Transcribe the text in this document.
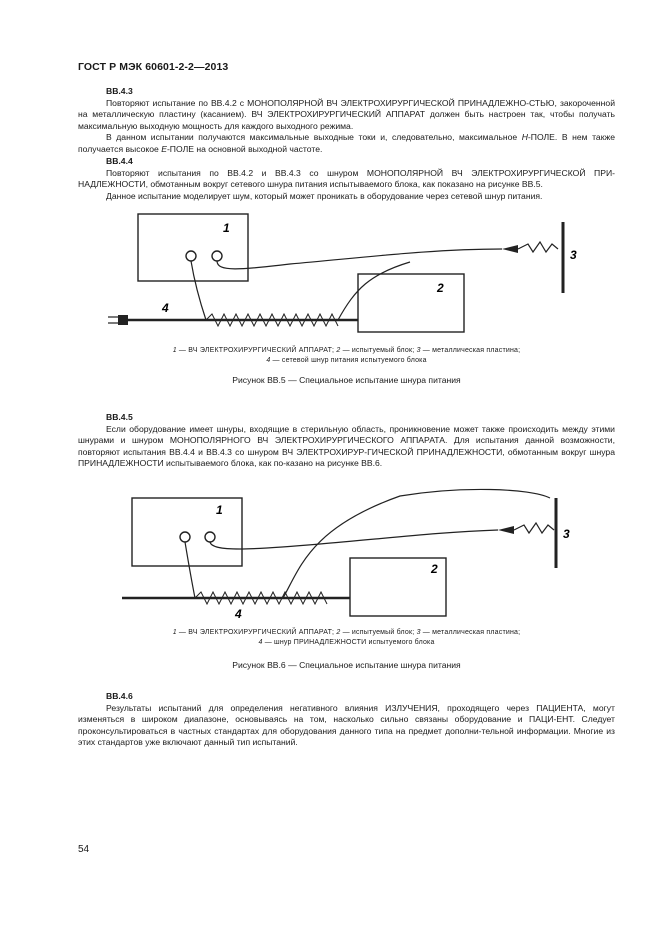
ГОСТ Р МЭК 60601-2-2—2013

BB.4.3

Повторяют испытание по BB.4.2 с МОНОПОЛЯРНОЙ ВЧ ЭЛЕКТРОХИРУРГИЧЕСКОЙ ПРИНАДЛЕЖНО-СТЬЮ, закороченной на металлическую пластину (касанием). ВЧ ЭЛЕКТРОХИРУРГИЧЕСКИЙ АППАРАТ должен быть настроен так, чтобы получать максимальную выходную мощность для каждого выходного режима.

В данном испытании получаются максимальные выходные токи и, следовательно, максимальное H-ПОЛЕ. В нем также получается высокое E-ПОЛЕ на основной выходной частоте.

BB.4.4

Повторяют испытания по BB.4.2 и BB.4.3 со шнуром МОНОПОЛЯРНОЙ ВЧ ЭЛЕКТРОХИРУРГИЧЕСКОЙ ПРИ-НАДЛЕЖНОСТИ, обмотанным вокруг сетевого шнура питания испытываемого блока, как показано на рисунке BB.5.

Данное испытание моделирует шум, который может проникать в оборудование через сетевой шнур питания.

1
2
3
4
1 — ВЧ ЭЛЕКТРОХИРУРГИЧЕСКИЙ АППАРАТ; 2 — испытуемый блок; 3 — металлическая пластина;
4 — сетевой шнур питания испытуемого блока
Рисунок BB.5 — Специальное испытание шнура питания

BB.4.5

Если оборудование имеет шнуры, входящие в стерильную область, проникновение может также происходить между этими шнурами и шнуром МОНОПОЛЯРНОГО ВЧ ЭЛЕКТРОХИРУРГИЧЕСКОГО АППАРАТА. Для испытания данной возможности, повторяют испытания BB.4.4 и BB.4.3 со шнуром ВЧ ЭЛЕКТРОХИРУР-ГИЧЕСКОЙ ПРИНАДЛЕЖНОСТИ, обмотанным вокруг шнура ПРИНАДЛЕЖНОСТИ испытываемого блока, как по-казано на рисунке BB.6.

1
2
3
4
1 — ВЧ ЭЛЕКТРОХИРУРГИЧЕСКИЙ АППАРАТ; 2 — испытуемый блок; 3 — металлическая пластина;
4 — шнур ПРИНАДЛЕЖНОСТИ испытуемого блока
Рисунок BB.6 — Специальное испытание шнура питания

BB.4.6

Результаты испытаний для определения негативного влияния ИЗЛУЧЕНИЯ, проходящего через ПАЦИЕНТА, могут изменяться в широком диапазоне, основываясь на том, насколько сильно связаны оборудование и ПАЦИ-ЕНТ. Следует проконсультироваться в частных стандартах для оборудования данного типа на предмет дополни-тельной информации. Многие из этих стандартов уже включают данный тип испытаний.

54
